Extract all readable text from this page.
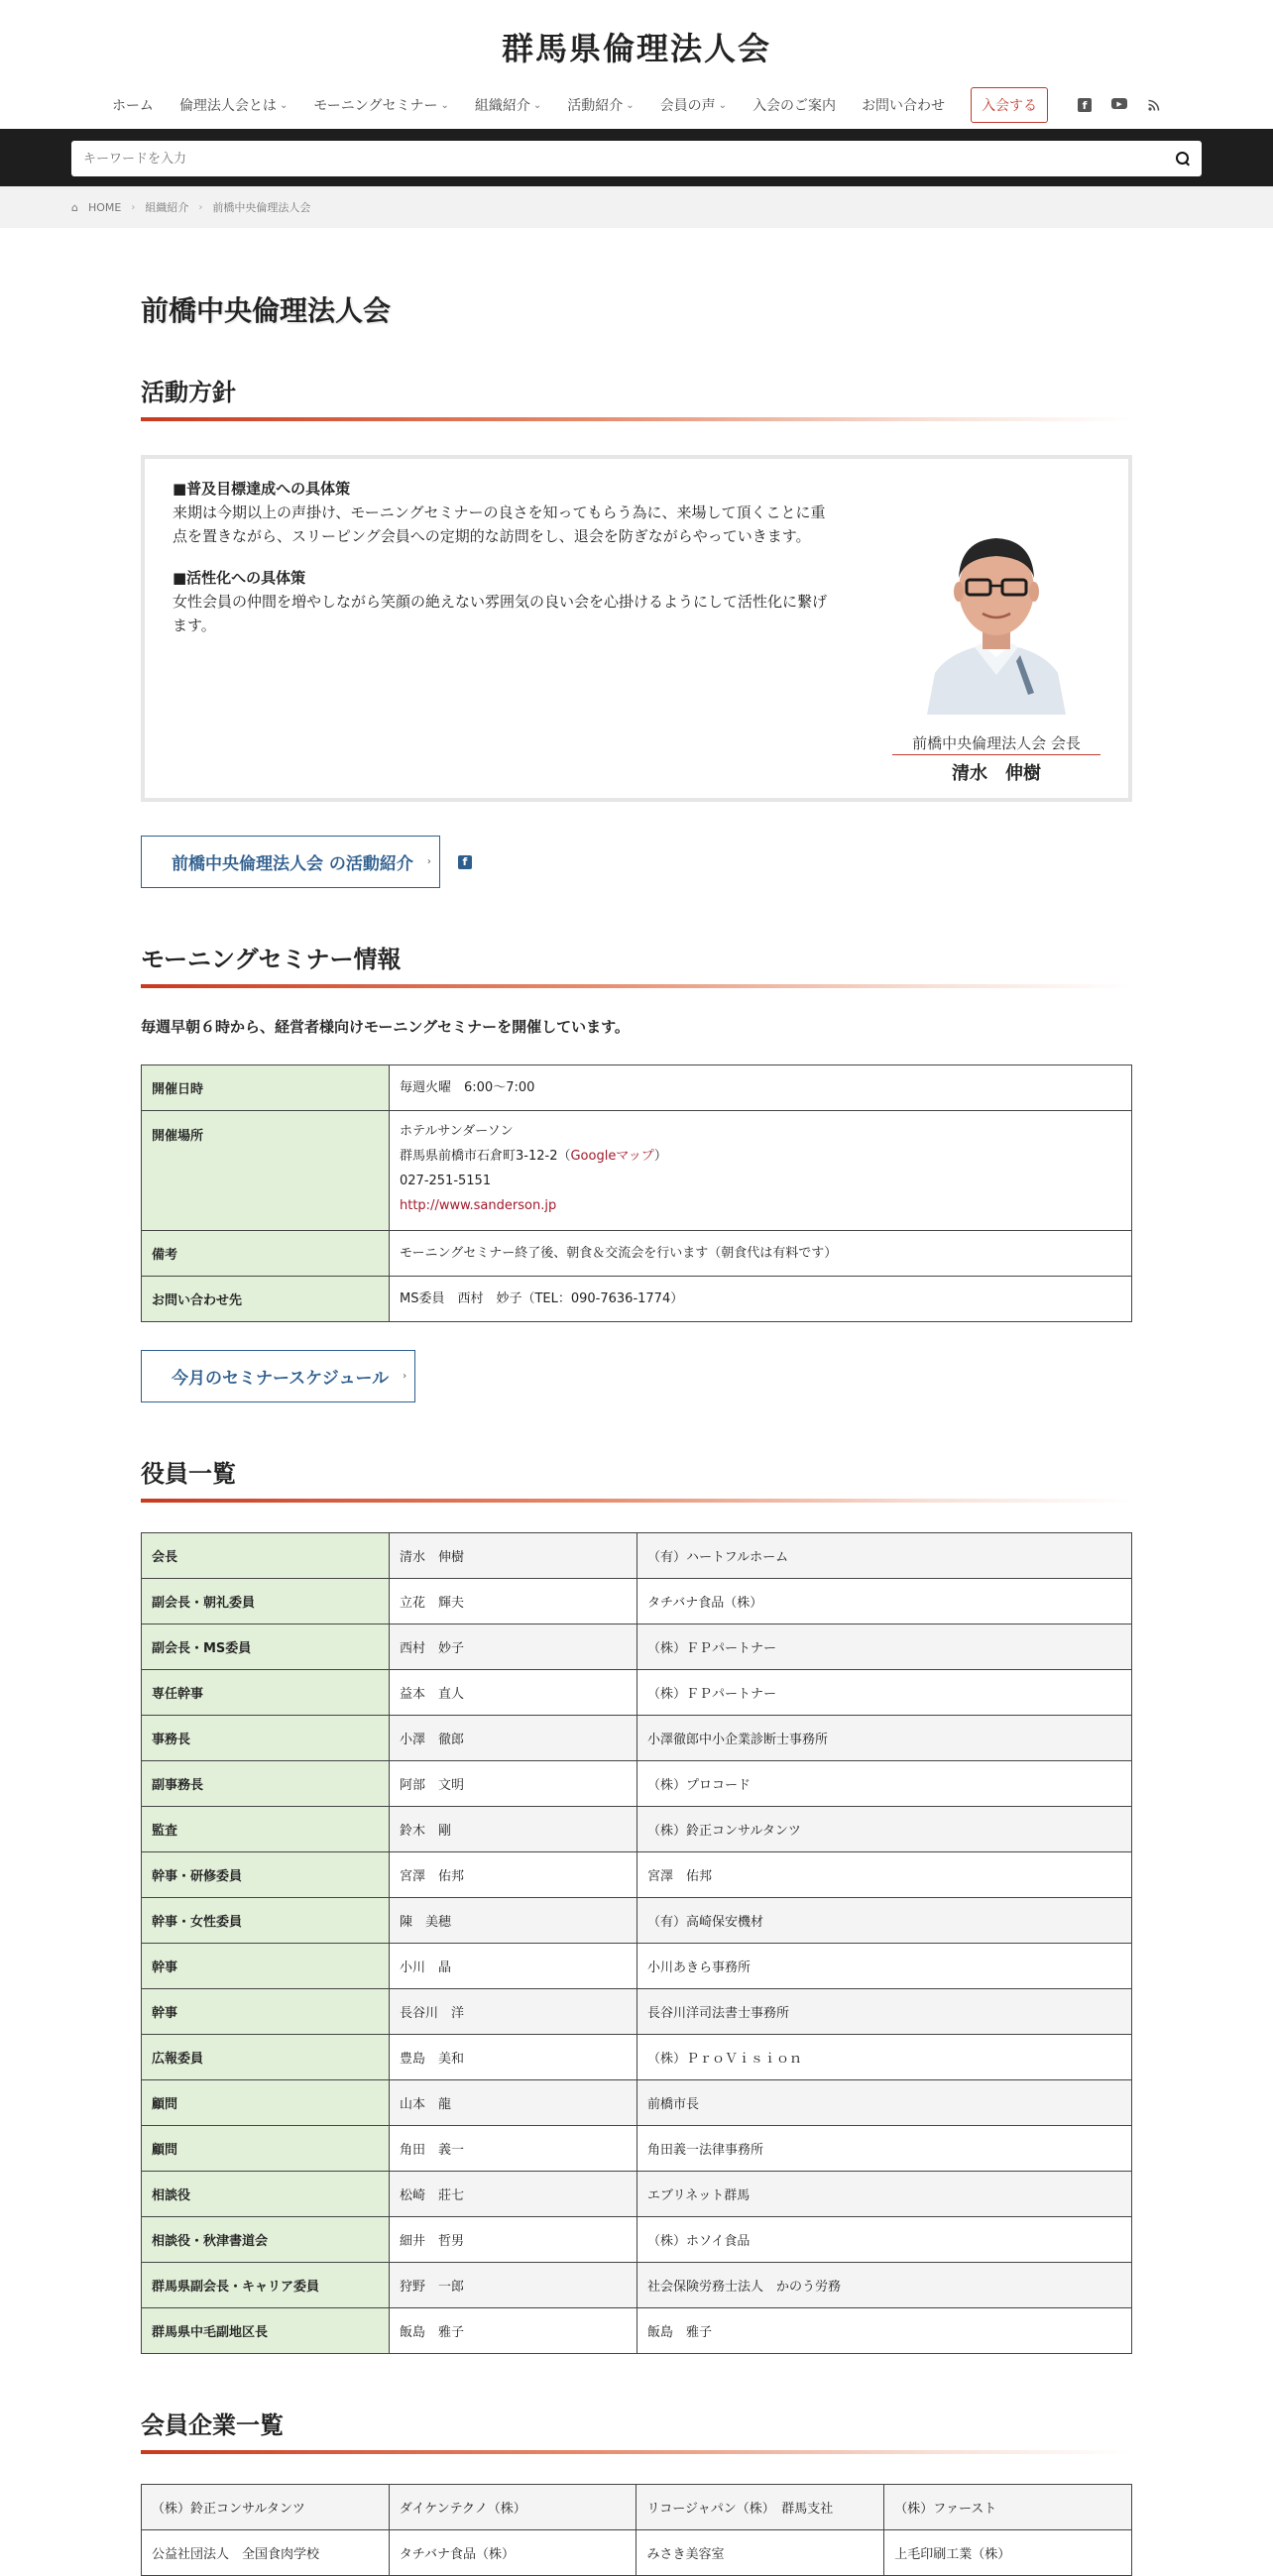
群馬県倫理法人会
ホーム 倫理法人会とは ⌄ モーニングセミナー ⌄ 組織紹介 ⌄ 活動紹介 ⌄ 会員の声 ⌄ 入会のご案内 お問い合わせ	入会する	f	▶
キーワードを入力
⌂ HOME › 組織紹介 › 前橋中央倫理法人会
前橋中央倫理法人会
活動方針
■普及目標達成への具体策

来期は今期以上の声掛け、モーニングセミナーの良さを知ってもらう為に、来場して頂くことに重点を置きながら、スリーピング会員への定期的な訪問をし、退会を防ぎながらやっていきます。

■活性化への具体策

女性会員の仲間を増やしながら笑顔の絶えない雰囲気の良い会を心掛けるようにして活性化に繋げます。

前橋中央倫理法人会 会長
清水　伸樹
前橋中央倫理法人会 の活動紹介 ›	f
モーニングセミナー情報

毎週早朝６時から、経営者様向けモーニングセミナーを開催しています。

開催日時	毎週火曜　6:00～7:00
開催場所	ホテルサンダーソン
群馬県前橋市石倉町3-12-2（Googleマップ）
027-251-5151
http://www.sanderson.jp

備考	モーニングセミナー終了後、朝食＆交流会を行います（朝食代は有料です）
お問い合わせ先	MS委員　西村　妙子（TEL：090-7636-1774）
今月のセミナースケジュール ›
役員一覧
会長	清水　伸樹	（有）ハートフルホーム
副会長・朝礼委員	立花　輝夫	タチバナ食品（株）
副会長・MS委員	西村　妙子	（株）ＦＰパートナー
専任幹事	益本　直人	（株）ＦＰパートナー
事務長	小澤　徹郎	小澤徹郎中小企業診断士事務所
副事務長	阿部　文明	（株）プロコード
監査	鈴木　剛	（株）鈴正コンサルタンツ
幹事・研修委員	宮澤　佑邦	宮澤　佑邦
幹事・女性委員	陳　美穂	（有）高崎保安機材
幹事	小川　晶	小川あきら事務所
幹事	長谷川　洋	長谷川洋司法書士事務所
広報委員	豊島　美和	（株）ＰｒｏＶｉｓｉｏｎ
顧問	山本　龍	前橋市長
顧問	角田　義一	角田義一法律事務所
相談役	松崎　莊七	エブリネット群馬
相談役・秋津書道会	細井　哲男	（株）ホソイ食品
群馬県副会長・キャリア委員	狩野　一郎	社会保険労務士法人　かのう労務
群馬県中毛副地区長	飯島　雅子	飯島　雅子
会員企業一覧
（株）鈴正コンサルタンツ	ダイケンテクノ（株）	リコージャパン（株）　群馬支社	（株）ファースト
公益社団法人　全国食肉学校	タチバナ食品（株）	みさき美容室	上毛印刷工業（株）
